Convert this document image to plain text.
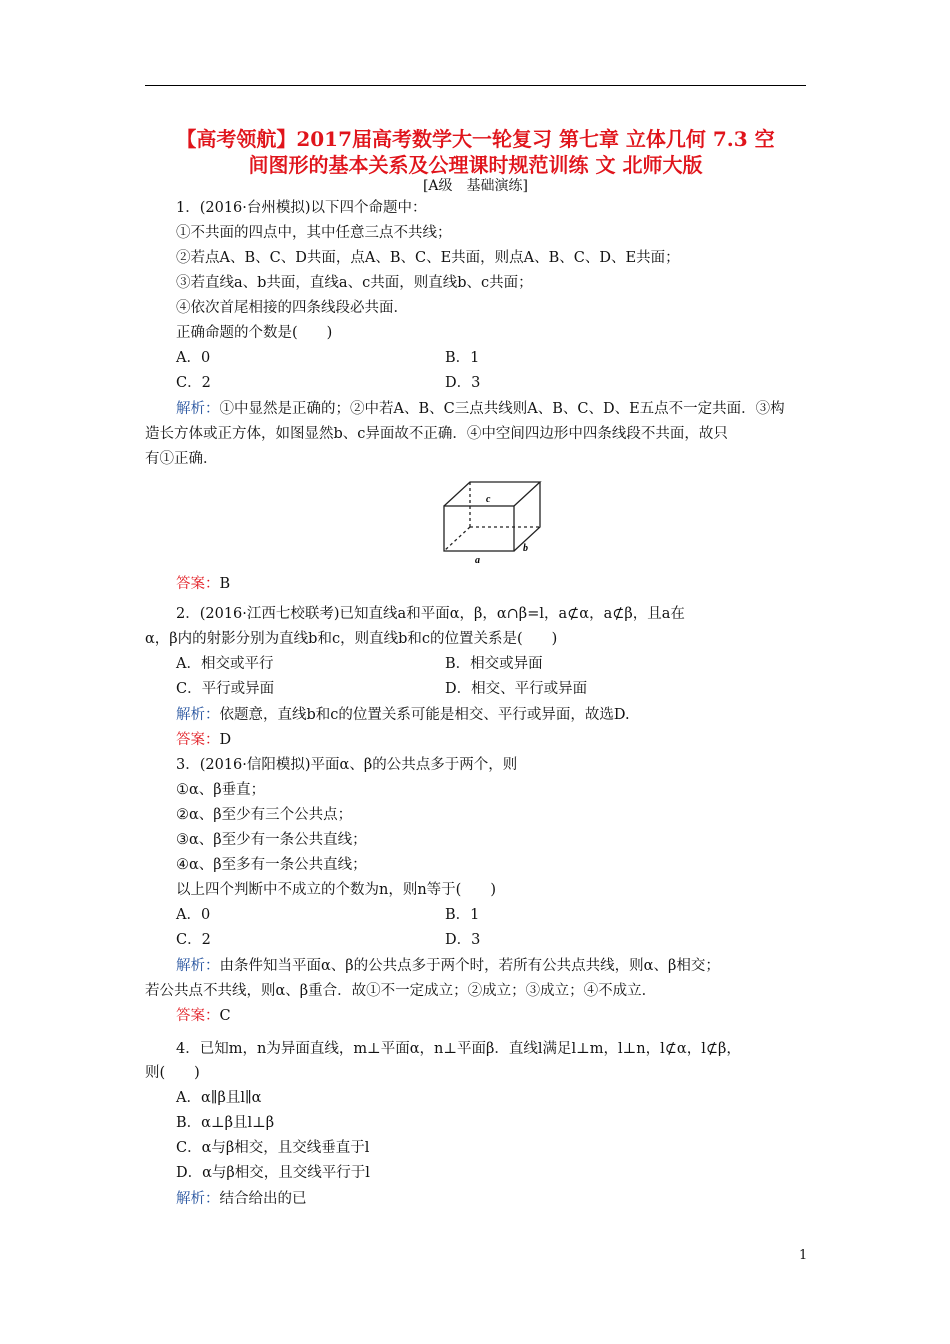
【高考领航】2017届高考数学大一轮复习 第七章 立体几何 7.3 空
间图形的基本关系及公理课时规范训练 文 北师大版
[A级　基础演练]
1．(2016·台州模拟)以下四个命题中：
①不共面的四点中，其中任意三点不共线；
②若点A、B、C、D共面，点A、B、C、E共面，则点A、B、C、D、E共面；
③若直线a、b共面，直线a、c共面，则直线b、c共面；
④依次首尾相接的四条线段必共面．
正确命题的个数是(　　)
A．0	B．1
C．2	D．3
解析：①中显然是正确的；②中若A、B、C三点共线则A、B、C、D、E五点不一定共面．③构
造长方体或正方体，如图显然b、c异面故不正确．④中空间四边形中四条线段不共面，故只
有①正确．
c
a
b
答案：B
2．(2016·江西七校联考)已知直线a和平面α，β，α∩β=l，a⊄α，a⊄β，且a在
α，β内的射影分别为直线b和c，则直线b和c的位置关系是(　　)
A．相交或平行	B．相交或异面
C．平行或异面	D．相交、平行或异面
解析：依题意，直线b和c的位置关系可能是相交、平行或异面，故选D.
答案：D
3．(2016·信阳模拟)平面α、β的公共点多于两个，则
①α、β垂直；
②α、β至少有三个公共点；
③α、β至少有一条公共直线；
④α、β至多有一条公共直线；
以上四个判断中不成立的个数为n，则n等于(　　)
A．0	B．1
C．2	D．3
解析：由条件知当平面α、β的公共点多于两个时，若所有公共点共线，则α、β相交；
若公共点不共线，则α、β重合．故①不一定成立；②成立；③成立；④不成立．
答案：C
4．已知m，n为异面直线，m⊥平面α，n⊥平面β．直线l满足l⊥m，l⊥n，l⊄α，l⊄β，
则(　　)
A．α∥β且l∥α
B．α⊥β且l⊥β
C．α与β相交，且交线垂直于l
D．α与β相交，且交线平行于l
解析：结合给出的已
1
